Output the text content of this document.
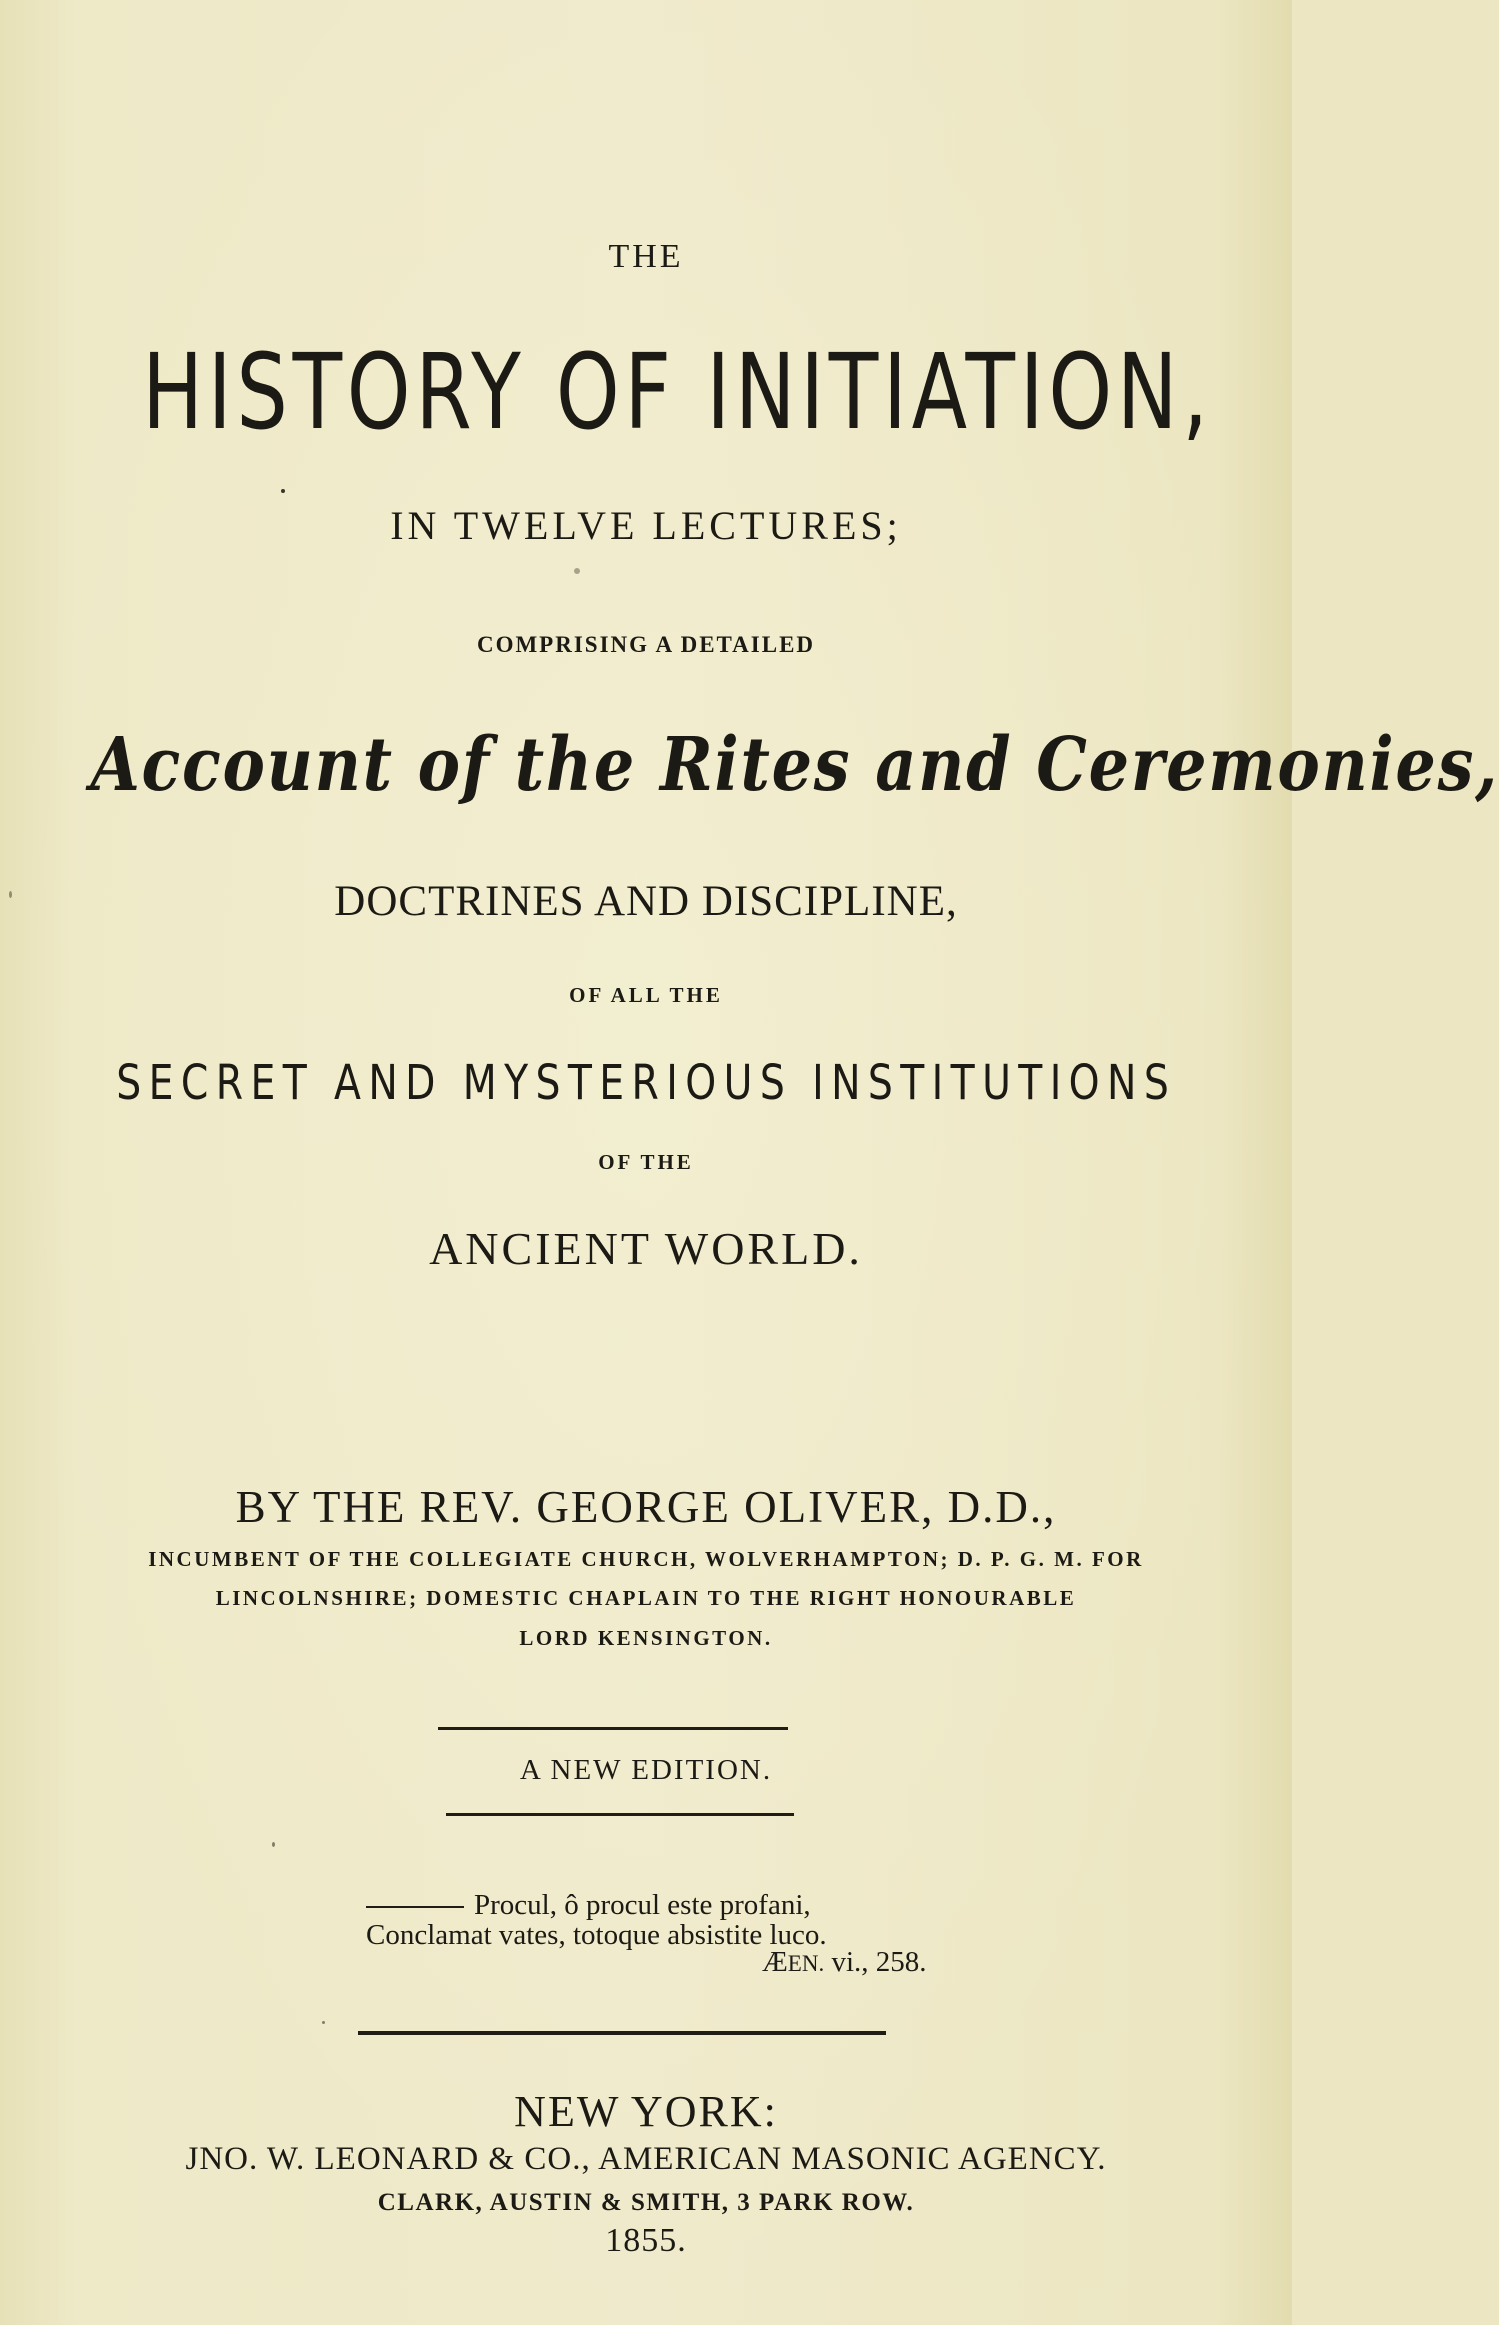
THE
HISTORY OF INITIATION,
IN TWELVE LECTURES;
COMPRISING A DETAILED
Account of the Rites and Ceremonies,
DOCTRINES AND DISCIPLINE,
OF ALL THE
SECRET AND MYSTERIOUS INSTITUTIONS
OF THE
ANCIENT WORLD.
BY THE REV. GEORGE OLIVER, D.D.,
INCUMBENT OF THE COLLEGIATE CHURCH, WOLVERHAMPTON; D. P. G. M. FOR
LINCOLNSHIRE; DOMESTIC CHAPLAIN TO THE RIGHT HONOURABLE
LORD KENSINGTON.
A NEW EDITION.
Procul, ô procul este profani,
Conclamat vates, totoque absistite luco.
ÆEN. vi., 258.
NEW YORK:
JNO. W. LEONARD & CO., AMERICAN MASONIC AGENCY.
CLARK, AUSTIN & SMITH, 3 PARK ROW.
1855.
